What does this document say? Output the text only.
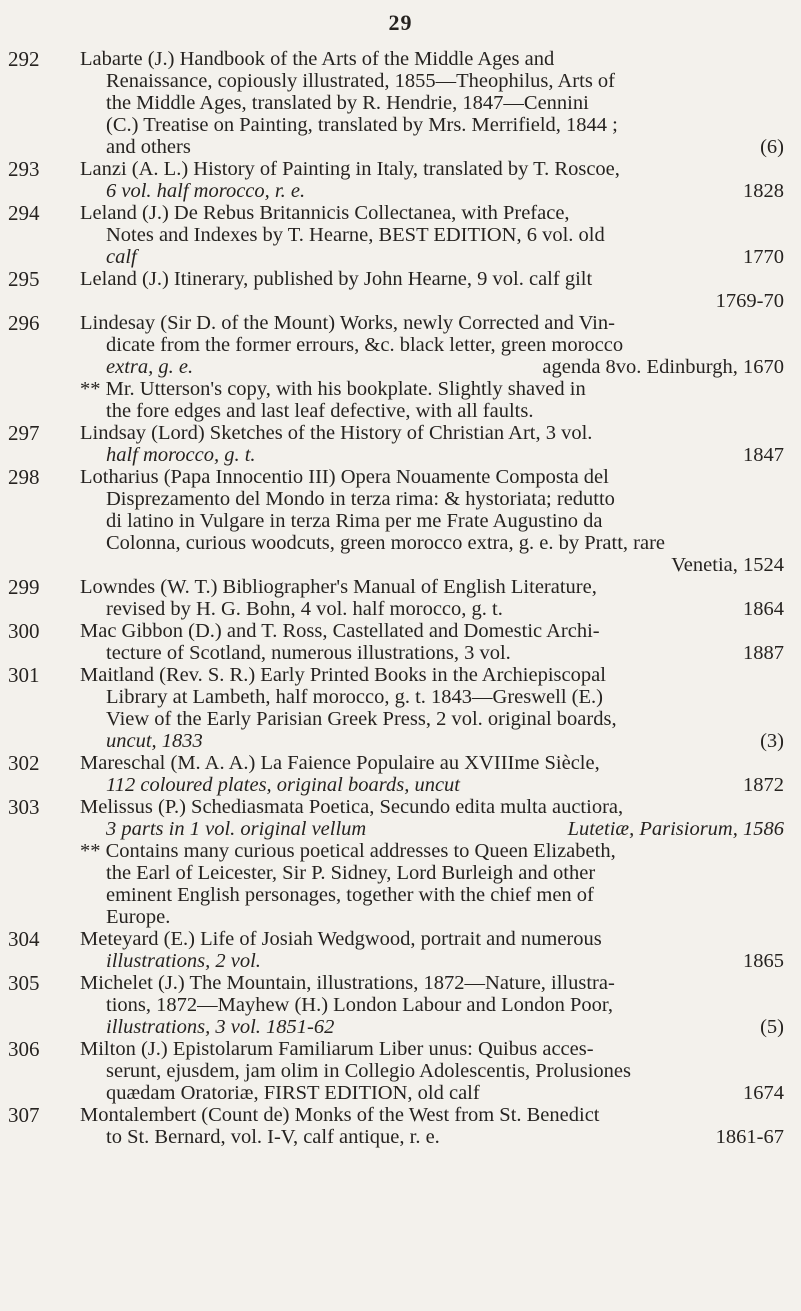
29
292	Labarte (J.) Handbook of the Arts of the Middle Ages and
Renaissance, copiously illustrated, 1855—Theophilus, Arts of
the Middle Ages, translated by R. Hendrie, 1847—Cennini
(C.) Treatise on Painting, translated by Mrs. Merrifield, 1844 ;
and others	(6)
293	Lanzi (A. L.) History of Painting in Italy, translated by T. Roscoe,
6 vol. half morocco, r. e.	1828
294	Leland (J.) De Rebus Britannicis Collectanea, with Preface,
Notes and Indexes by T. Hearne, BEST EDITION, 6 vol. old
calf	1770
295	Leland (J.) Itinerary, published by John Hearne, 9 vol. calf gilt
1769-70
296	Lindesay (Sir D. of the Mount) Works, newly Corrected and Vin-
dicate from the former errours, &c. black letter, green morocco
extra, g. e.	agenda 8vo. Edinburgh, 1670
** Mr. Utterson's copy, with his bookplate. Slightly shaved in
the fore edges and last leaf defective, with all faults.
297	Lindsay (Lord) Sketches of the History of Christian Art, 3 vol.
half morocco, g. t.	1847
298	Lotharius (Papa Innocentio III) Opera Nouamente Composta del
Disprezamento del Mondo in terza rima: & hystoriata; redutto
di latino in Vulgare in terza Rima per me Frate Augustino da
Colonna, curious woodcuts, green morocco extra, g. e. by Pratt, rare
Venetia, 1524
299	Lowndes (W. T.) Bibliographer's Manual of English Literature,
revised by H. G. Bohn, 4 vol. half morocco, g. t.	1864
300	Mac Gibbon (D.) and T. Ross, Castellated and Domestic Archi-
tecture of Scotland, numerous illustrations, 3 vol.	1887
301	Maitland (Rev. S. R.) Early Printed Books in the Archiepiscopal
Library at Lambeth, half morocco, g. t. 1843—Greswell (E.)
View of the Early Parisian Greek Press, 2 vol. original boards,
uncut, 1833	(3)
302	Mareschal (M. A. A.) La Faience Populaire au XVIIIme Siècle,
112 coloured plates, original boards, uncut	1872
303	Melissus (P.) Schediasmata Poetica, Secundo edita multa auctiora,
3 parts in 1 vol. original vellum	Lutetiæ, Parisiorum, 1586
** Contains many curious poetical addresses to Queen Elizabeth,
the Earl of Leicester, Sir P. Sidney, Lord Burleigh and other
eminent English personages, together with the chief men of
Europe.
304	Meteyard (E.) Life of Josiah Wedgwood, portrait and numerous
illustrations, 2 vol.	1865
305	Michelet (J.) The Mountain, illustrations, 1872—Nature, illustra-
tions, 1872—Mayhew (H.) London Labour and London Poor,
illustrations, 3 vol. 1851-62	(5)
306	Milton (J.) Epistolarum Familiarum Liber unus: Quibus acces-
serunt, ejusdem, jam olim in Collegio Adolescentis, Prolusiones
quædam Oratoriæ, FIRST EDITION, old calf	1674
307	Montalembert (Count de) Monks of the West from St. Benedict
to St. Bernard, vol. I-V, calf antique, r. e.	1861-67
